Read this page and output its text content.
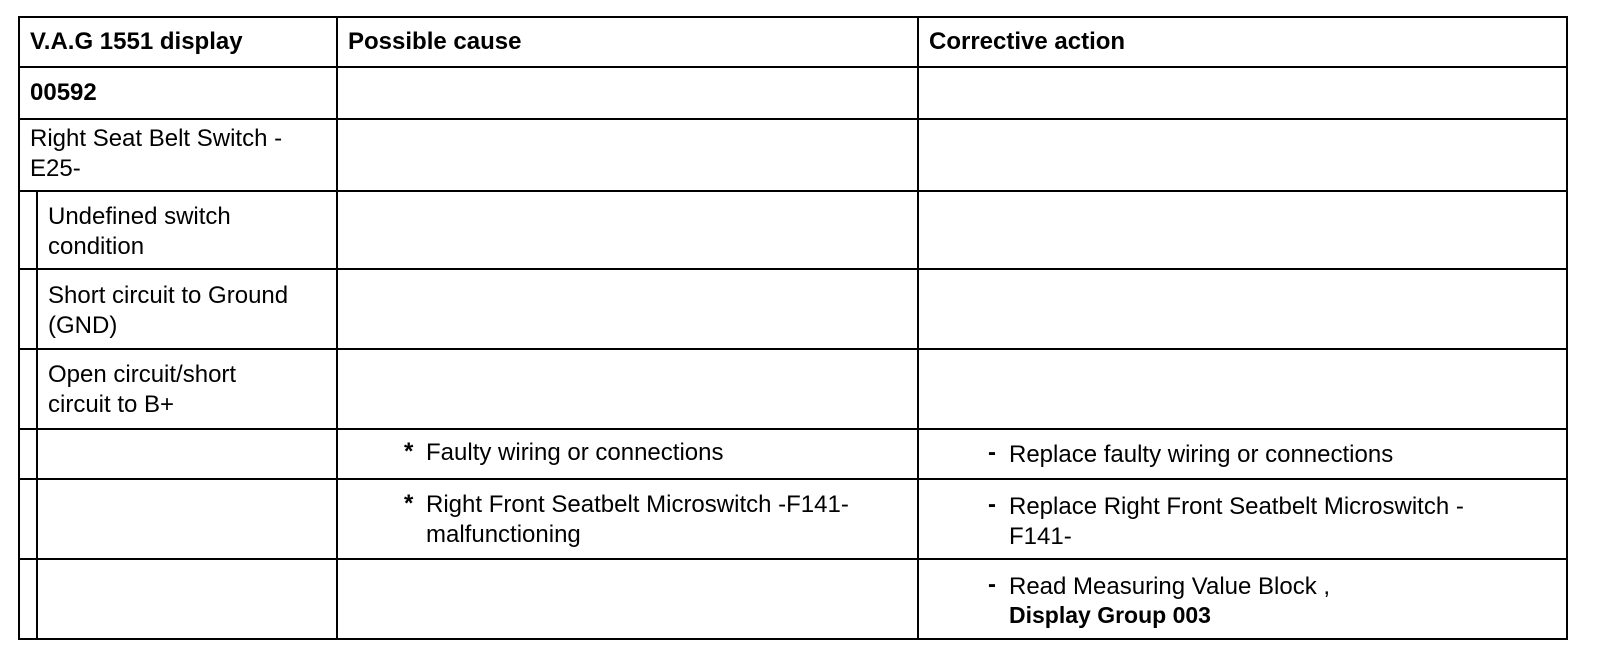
V.A.G 1551 display	Possible cause	Corrective action
00592
Right Seat Belt Switch -
E25-
Undefined switch
condition
Short circuit to Ground
(GND)
Open circuit/short
circuit to B+
* Faulty wiring or connections
* Right Front Seatbelt Microswitch -F141-
malfunctioning
- Replace faulty wiring or connections
- Replace Right Front Seatbelt Microswitch -
F141-
- Read Measuring Value Block ,
Display Group 003
